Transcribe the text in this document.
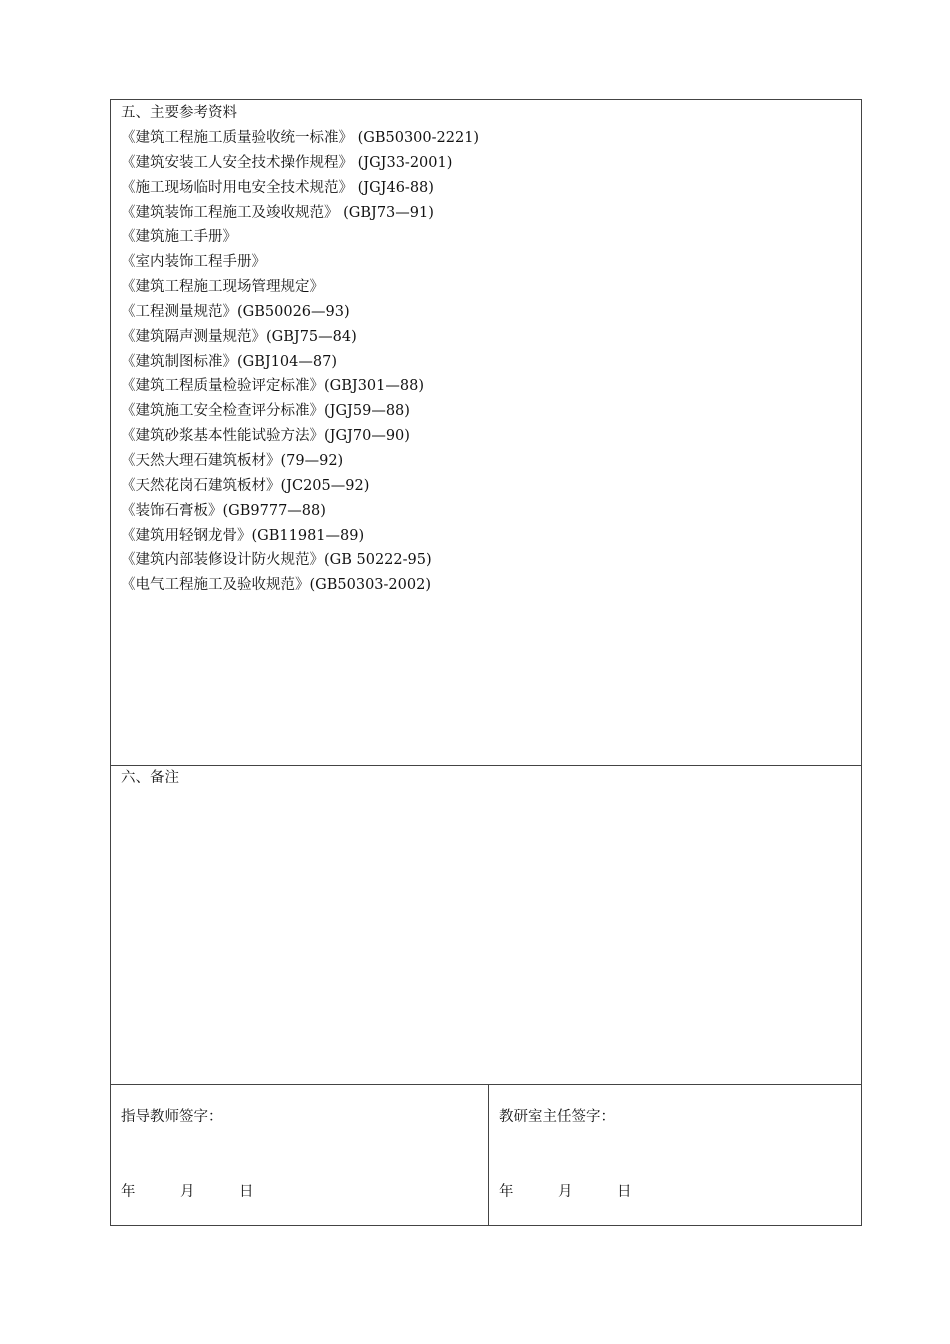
五、主要参考资料
《建筑工程施工质量验收统一标准》 (GB50300-2221)
《建筑安装工人安全技术操作规程》 (JGJ33-2001)
《施工现场临时用电安全技术规范》 (JGJ46-88)
《建筑装饰工程施工及竣收规范》 (GBJ73—91)
《建筑施工手册》
《室内装饰工程手册》
《建筑工程施工现场管理规定》
《工程测量规范》(GB50026—93)
《建筑隔声测量规范》(GBJ75—84)
《建筑制图标准》(GBJ104—87)
《建筑工程质量检验评定标准》(GBJ301—88)
《建筑施工安全检查评分标准》(JGJ59—88)
《建筑砂浆基本性能试验方法》(JGJ70—90)
《天然大理石建筑板材》(79—92)
《天然花岗石建筑板材》(JC205—92)
《装饰石膏板》(GB9777—88)
《建筑用轻钢龙骨》(GB11981—89)
《建筑内部装修设计防火规范》(GB 50222-95)
《电气工程施工及验收规范》(GB50303-2002)
六、备注
指导教师签字：
年	月	日
教研室主任签字：
年	月	日
